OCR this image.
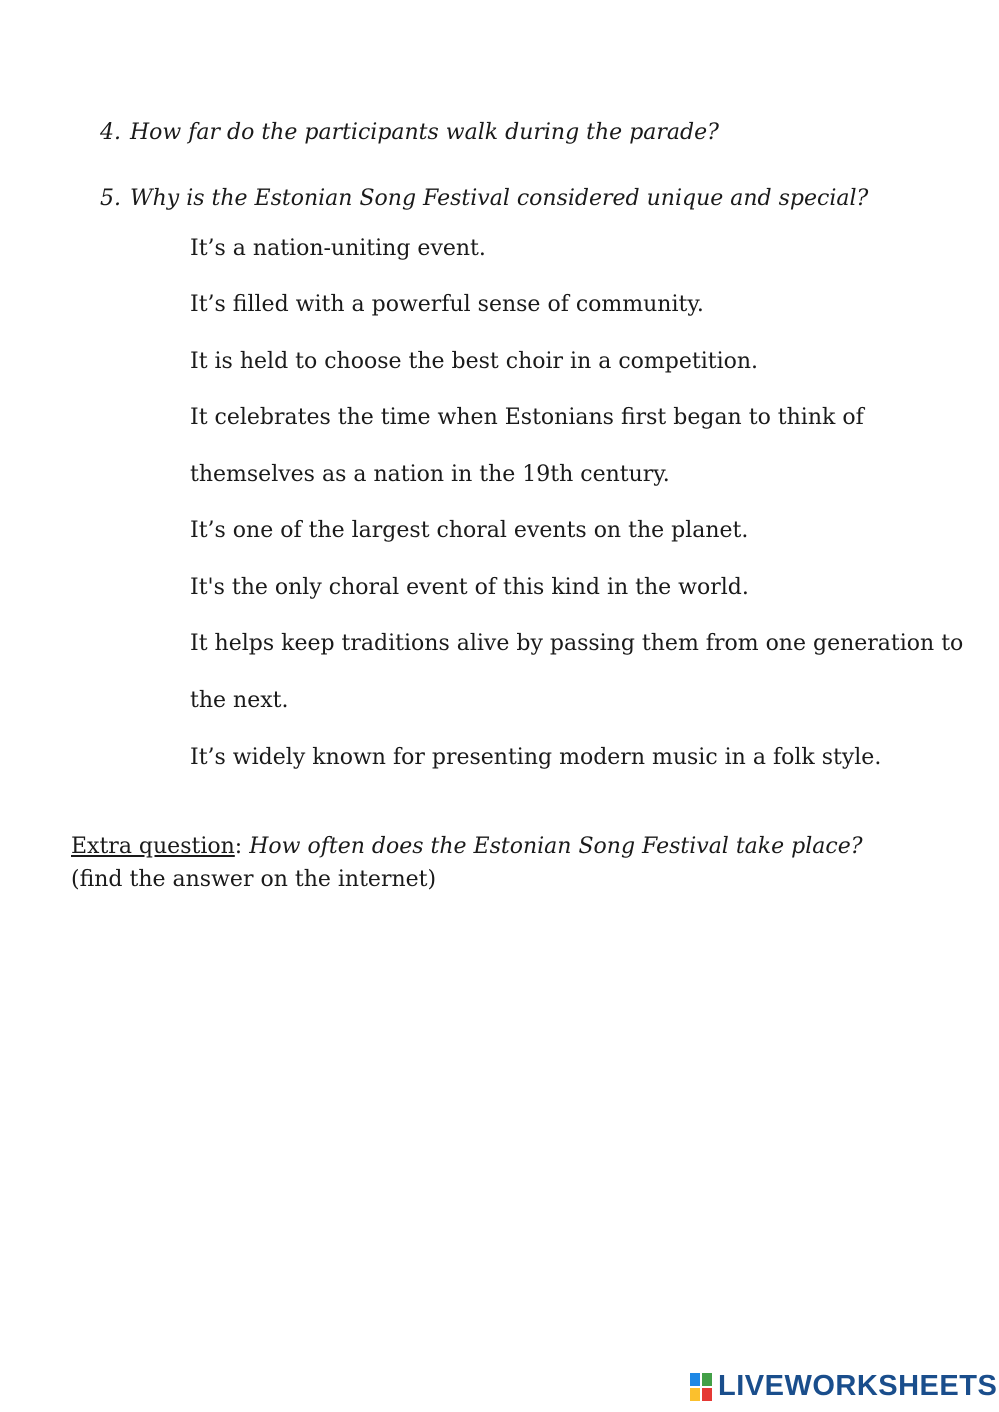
4. How far do the participants walk during the parade?
5. Why is the Estonian Song Festival considered unique and special?
It’s a nation-uniting event.
It’s filled with a powerful sense of community.
It is held to choose the best choir in a competition.
It celebrates the time when Estonians first began to think of
themselves as a nation in the 19th century.
It’s one of the largest choral events on the planet.
It's the only choral event of this kind in the world.
It helps keep traditions alive by passing them from one generation to
the next.
It’s widely known for presenting modern music in a folk style.
Extra question: How often does the Estonian Song Festival take place? (find the answer on the internet)
LIVEWORKSHEETS
